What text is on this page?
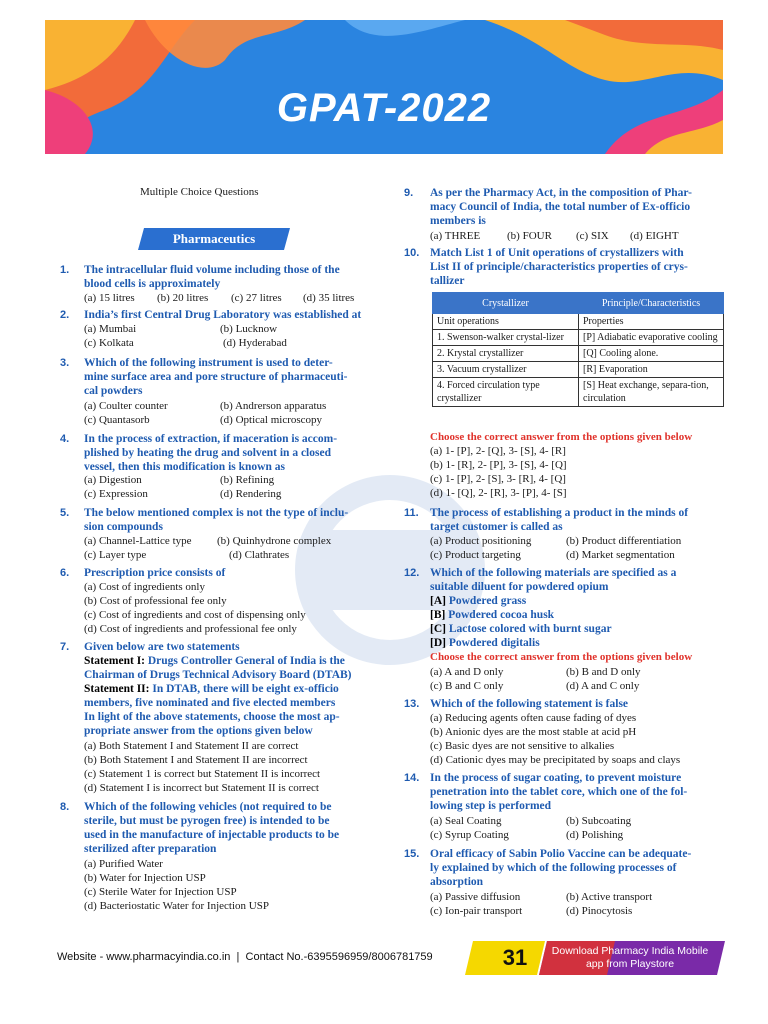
GPAT-2022
Multiple Choice Questions
Pharmaceutics
1. The intracellular fluid volume including those of the
blood cells is approximately
(a) 15 litres (b) 20 litres (c) 27 litres (d) 35 litres
2. India’s first Central Drug Laboratory was established at
(a) Mumbai	(b) Lucknow
(c) Kolkata	(d) Hyderabad
3. Which of the following instrument is used to deter-
mine surface area and pore structure of pharmaceuti-
cal powders
(a) Coulter counter	(b) Andrerson apparatus
(c) Quantasorb	(d) Optical microscopy
4. In the process of extraction, if maceration is accom-
plished by heating the drug and solvent in a closed
vessel, then this modification is known as
(a) Digestion	(b) Refining
(c) Expression	(d) Rendering
5. The below mentioned complex is not the type of inclu-
sion compounds
(a) Channel-Lattice type (b) Quinhydrone complex
(c) Layer type	(d) Clathrates
6. Prescription price consists of
(a) Cost of ingredients only
(b) Cost of professional fee only
(c) Cost of ingredients and cost of dispensing only
(d) Cost of ingredients and professional fee only
7. Given below are two statements
Statement I: Drugs Controller General of India is the
Chairman of Drugs Technical Advisory Board (DTAB)
Statement II: In DTAB, there will be eight ex-officio
members, five nominated and five elected members
In light of the above statements, choose the most ap-
propriate answer from the options given below
(a) Both Statement I and Statement II are correct
(b) Both Statement I and Statement II are incorrect
(c) Statement 1 is correct but Statement II is incorrect
(d) Statement I is incorrect but Statement II is correct
8. Which of the following vehicles (not required to be
sterile, but must be pyrogen free) is intended to be
used in the manufacture of injectable products to be
sterilized after preparation
(a) Purified Water
(b) Water for Injection USP
(c) Sterile Water for Injection USP
(d) Bacteriostatic Water for Injection USP
9. As per the Pharmacy Act, in the composition of Phar-
macy Council of India, the total number of Ex-officio
members is
(a) THREE (b) FOUR (c) SIX (d) EIGHT
10. Match List 1 of Unit operations of crystallizers with
List II of principle/characteristics properties of crys-
tallizer
Crystallizer	Principle/Characteristics
Unit operations	Properties
1. Swenson-walker crystal-lizer	[P] Adiabatic evaporative cooling
2. Krystal crystallizer	[Q] Cooling alone.
3. Vacuum crystallizer	[R] Evaporation
4. Forced circulation type crystallizer	[S] Heat exchange, separa-tion, circulation
Choose the correct answer from the options given below
(a) 1- [P], 2- [Q], 3- [S], 4- [R]
(b) 1- [R], 2- [P], 3- [S], 4- [Q]
(c) 1- [P], 2- [S], 3- [R], 4- [Q]
(d) 1- [Q], 2- [R], 3- [P], 4- [S]
11. The process of establishing a product in the minds of
target customer is called as
(a) Product positioning	(b) Product differentiation
(c) Product targeting	(d) Market segmentation
12. Which of the following materials are specified as a
suitable diluent for powdered opium
[A] Powdered grass
[B] Powdered cocoa husk
[C] Lactose colored with burnt sugar
[D] Powdered digitalis
Choose the correct answer from the options given below
(a) A and D only	(b) B and D only
(c) B and C only	(d) A and C only
13. Which of the following statement is false
(a) Reducing agents often cause fading of dyes
(b) Anionic dyes are the most stable at acid pH
(c) Basic dyes are not sensitive to alkalies
(d) Cationic dyes may be precipitated by soaps and clays
14. In the process of sugar coating, to prevent moisture
penetration into the tablet core, which one of the fol-
lowing step is performed
(a) Seal Coating	(b) Subcoating
(c) Syrup Coating	(d) Polishing
15. Oral efficacy of Sabin Polio Vaccine can be adequate-
ly explained by which of the following processes of
absorption
(a) Passive diffusion	(b) Active transport
(c) Ion-pair transport	(d) Pinocytosis
Website - www.pharmacyindia.co.in  |  Contact No.-6395596959/8006781759	31	Download Pharmacy India Mobile
app from Playstore
